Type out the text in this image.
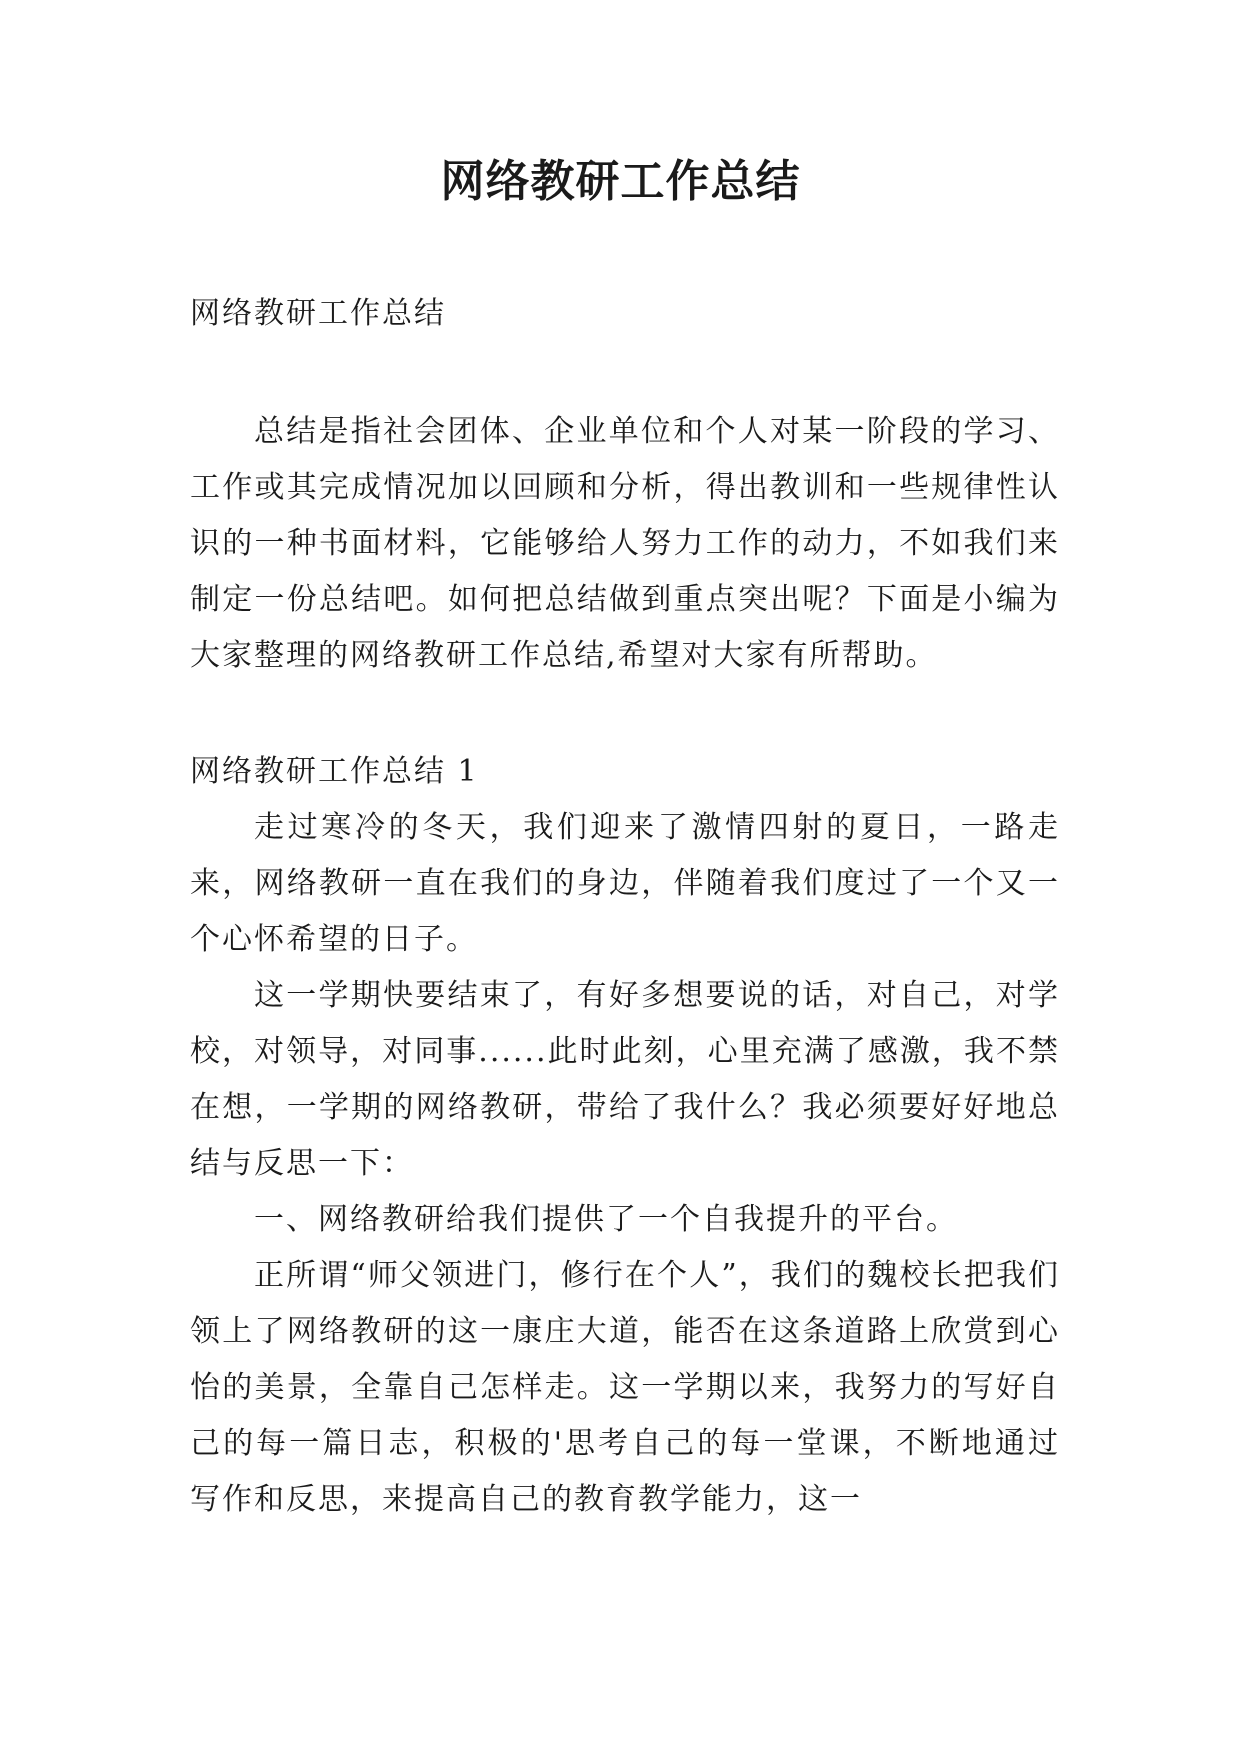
网络教研工作总结

网络教研工作总结

总结是指社会团体、企业单位和个人对某一阶段的学习、工作或其完成情况加以回顾和分析，得出教训和一些规律性认识的一种书面材料，它能够给人努力工作的动力，不如我们来制定一份总结吧。如何把总结做到重点突出呢？下面是小编为大家整理的网络教研工作总结,希望对大家有所帮助。

网络教研工作总结 1

走过寒冷的冬天，我们迎来了激情四射的夏日，一路走来，网络教研一直在我们的身边，伴随着我们度过了一个又一个心怀希望的日子。

这一学期快要结束了，有好多想要说的话，对自己，对学校，对领导，对同事......此时此刻，心里充满了感激，我不禁在想，一学期的网络教研，带给了我什么？我必须要好好地总结与反思一下：

一、网络教研给我们提供了一个自我提升的平台。

正所谓“师父领进门，修行在个人”，我们的魏校长把我们领上了网络教研的这一康庄大道，能否在这条道路上欣赏到心怡的美景，全靠自己怎样走。这一学期以来，我努力的写好自己的每一篇日志，积极的'思考自己的每一堂课，不断地通过写作和反思，来提高自己的教育教学能力，这一
